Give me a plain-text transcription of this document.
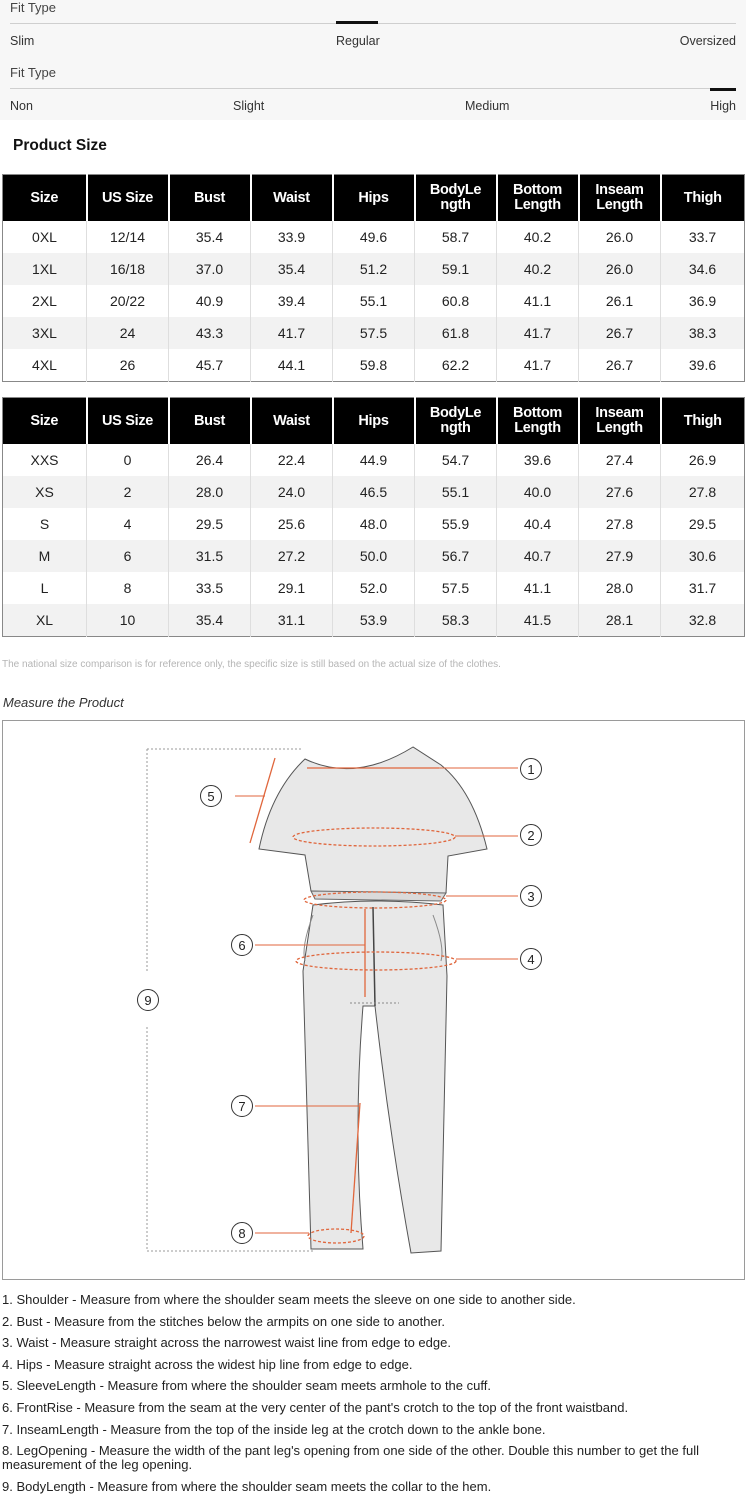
Fit Type
Slim	Regular	Oversized
Fit Type
Non	Slight	Medium	High
Product Size
Size	US Size	Bust	Waist	Hips	BodyLe ngth	Bottom Length	Inseam Length	Thigh
0XL	12/14	35.4	33.9	49.6	58.7	40.2	26.0	33.7
1XL	16/18	37.0	35.4	51.2	59.1	40.2	26.0	34.6
2XL	20/22	40.9	39.4	55.1	60.8	41.1	26.1	36.9
3XL	24	43.3	41.7	57.5	61.8	41.7	26.7	38.3
4XL	26	45.7	44.1	59.8	62.2	41.7	26.7	39.6
Size	US Size	Bust	Waist	Hips	BodyLe ngth	Bottom Length	Inseam Length	Thigh
XXS	0	26.4	22.4	44.9	54.7	39.6	27.4	26.9
XS	2	28.0	24.0	46.5	55.1	40.0	27.6	27.8
S	4	29.5	25.6	48.0	55.9	40.4	27.8	29.5
M	6	31.5	27.2	50.0	56.7	40.7	27.9	30.6
L	8	33.5	29.1	52.0	57.5	41.1	28.0	31.7
XL	10	35.4	31.1	53.9	58.3	41.5	28.1	32.8
The national size comparison is for reference only, the specific size is still based on the actual size of the clothes.
Measure the Product
1
2
3
4
5
6
7
8
9
1. Shoulder - Measure from where the shoulder seam meets the sleeve on one side to another side.
2. Bust - Measure from the stitches below the armpits on one side to another.
3. Waist - Measure straight across the narrowest waist line from edge to edge.
4. Hips - Measure straight across the widest hip line from edge to edge.
5. SleeveLength - Measure from where the shoulder seam meets armhole to the cuff.
6. FrontRise - Measure from the seam at the very center of the pant's crotch to the top of the front waistband.
7. InseamLength - Measure from the top of the inside leg at the crotch down to the ankle bone.
8. LegOpening - Measure the width of the pant leg's opening from one side of the other. Double this number to get the full measurement of the leg opening.
9. BodyLength - Measure from where the shoulder seam meets the collar to the hem.
